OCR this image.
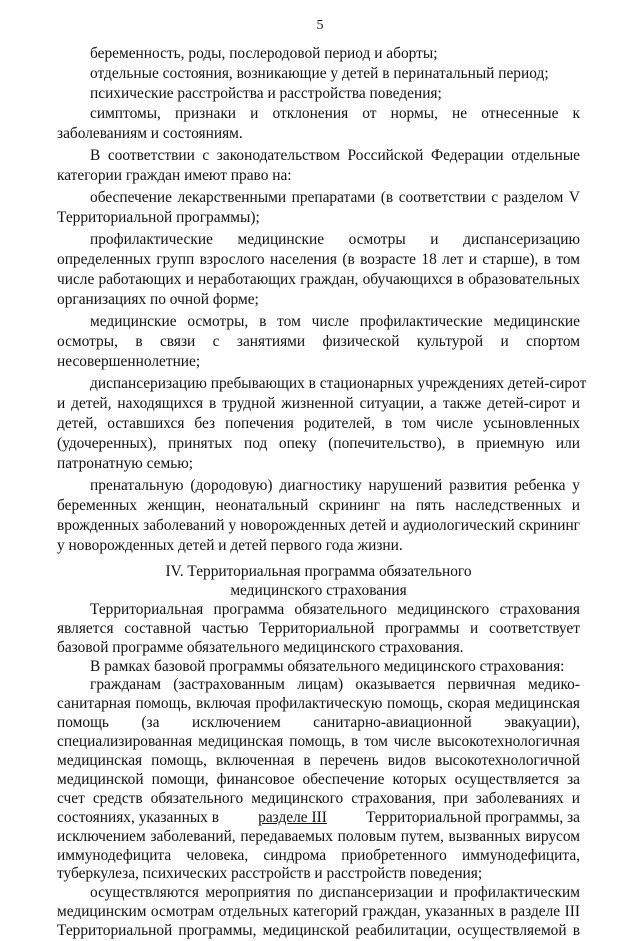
5
беременность, роды, послеродовой период и аборты;
отдельные состояния, возникающие у детей в перинатальный период;
психические расстройства и расстройства поведения;
симптомы, признаки и отклонения от нормы, не отнесенные к
заболеваниям и состояниям.
В соответствии с законодательством Российской Федерации отдельные
категории граждан имеют право на:
обеспечение лекарственными препаратами (в соответствии с разделом V
Территориальной программы);
профилактические медицинские осмотры и диспансеризацию
определенных групп взрослого населения (в возрасте 18 лет и старше), в том
числе работающих и неработающих граждан, обучающихся в образовательных
организациях по очной форме;
медицинские осмотры, в том числе профилактические медицинские
осмотры, в связи с занятиями физической культурой и спортом
несовершеннолетние;
диспансеризацию пребывающих в стационарных учреждениях детей-сирот
и детей, находящихся в трудной жизненной ситуации, а также детей-сирот и
детей, оставшихся без попечения родителей, в том числе усыновленных
(удочеренных), принятых под опеку (попечительство), в приемную или
патронатную семью;
пренатальную (дородовую) диагностику нарушений развития ребенка у
беременных женщин, неонатальный скрининг на пять наследственных и
врожденных заболеваний у новорожденных детей и аудиологический скрининг
у новорожденных детей и детей первого года жизни.
IV. Территориальная программа обязательного
медицинского страхования
Территориальная программа обязательного медицинского страхования
является составной частью Территориальной программы и соответствует
базовой программе обязательного медицинского страхования.
В рамках базовой программы обязательного медицинского страхования:
гражданам (застрахованным лицам) оказывается первичная медико-
санитарная помощь, включая профилактическую помощь, скорая медицинская
помощь (за исключением санитарно-авиационной эвакуации),
специализированная медицинская помощь, в том числе высокотехнологичная
медицинская помощь, включенная в перечень видов высокотехнологичной
медицинской помощи, финансовое обеспечение которых осуществляется за
счет средств обязательного медицинского страхования, при заболеваниях и
состояниях, указанных в	разделе III	Территориальной программы, за
исключением заболеваний, передаваемых половым путем, вызванных вирусом
иммунодефицита человека, синдрома приобретенного иммунодефицита,
туберкулеза, психических расстройств и расстройств поведения;
осуществляются мероприятия по диспансеризации и профилактическим
медицинским осмотрам отдельных категорий граждан, указанных в разделе III
Территориальной программы, медицинской реабилитации, осуществляемой в
